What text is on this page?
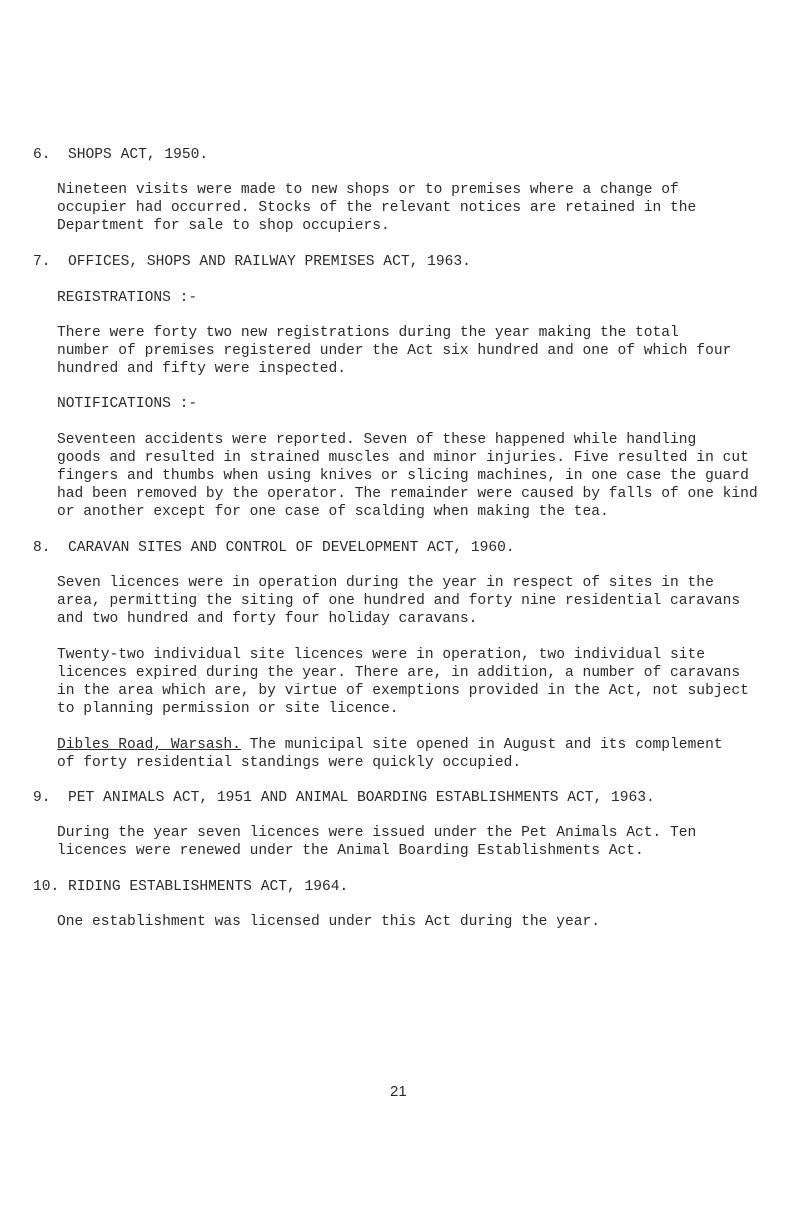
6.  SHOPS ACT, 1950.
Nineteen visits were made to new shops or to premises where a change of
occupier had occurred. Stocks of the relevant notices are retained in the
Department for sale to shop occupiers.
7.  OFFICES, SHOPS AND RAILWAY PREMISES ACT, 1963.
REGISTRATIONS :-
There were forty two new registrations during the year making the total
number of premises registered under the Act six hundred and one of which four
hundred and fifty were inspected.
NOTIFICATIONS :-
Seventeen accidents were reported. Seven of these happened while handling
goods and resulted in strained muscles and minor injuries. Five resulted in cut
fingers and thumbs when using knives or slicing machines, in one case the guard
had been removed by the operator. The remainder were caused by falls of one kind
or another except for one case of scalding when making the tea.
8.  CARAVAN SITES AND CONTROL OF DEVELOPMENT ACT, 1960.
Seven licences were in operation during the year in respect of sites in the
area, permitting the siting of one hundred and forty nine residential caravans
and two hundred and forty four holiday caravans.
Twenty-two individual site licences were in operation, two individual site
licences expired during the year. There are, in addition, a number of caravans
in the area which are, by virtue of exemptions provided in the Act, not subject
to planning permission or site licence.
Dibles Road, Warsash. The municipal site opened in August and its complement
of forty residential standings were quickly occupied.
9.  PET ANIMALS ACT, 1951 AND ANIMAL BOARDING ESTABLISHMENTS ACT, 1963.
During the year seven licences were issued under the Pet Animals Act. Ten
licences were renewed under the Animal Boarding Establishments Act.
10. RIDING ESTABLISHMENTS ACT, 1964.
One establishment was licensed under this Act during the year.
21
